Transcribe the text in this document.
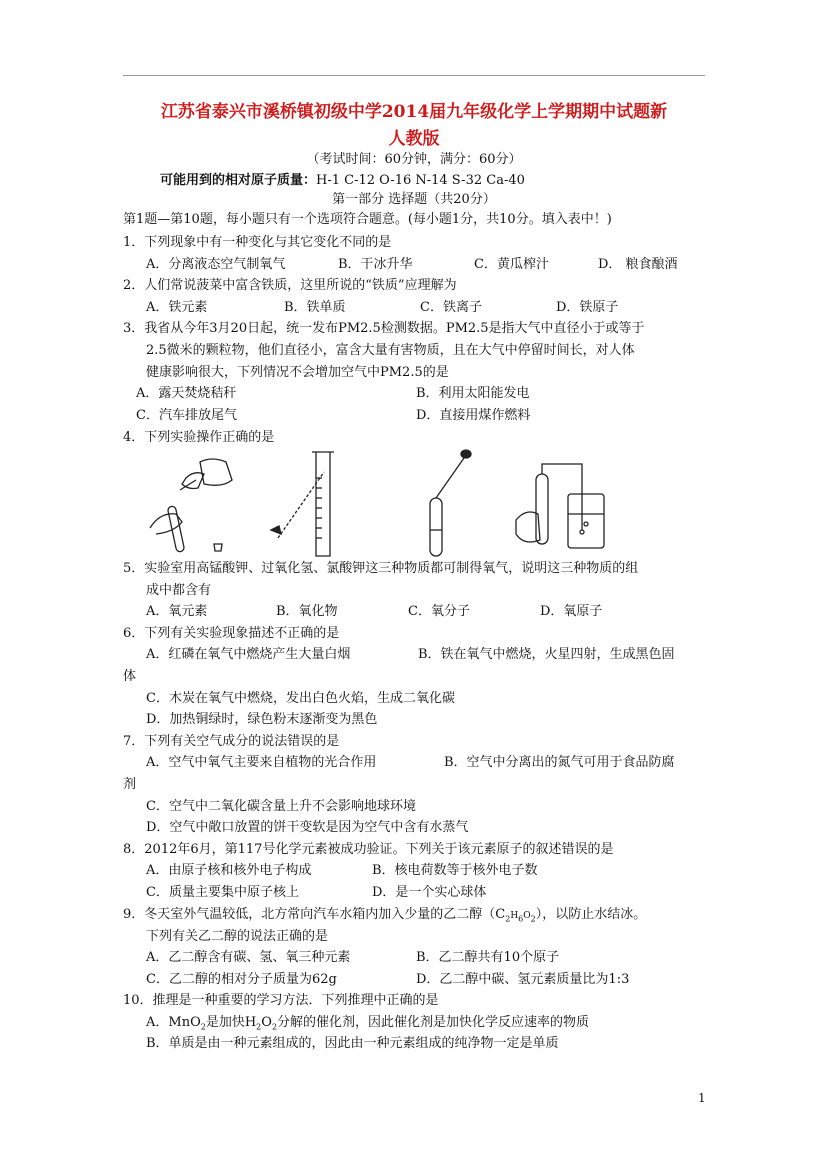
江苏省泰兴市溪桥镇初级中学2014届九年级化学上学期期中试题新
人教版
（考试时间：60分钟，满分：60分）
可能用到的相对原子质量：H-1 C-12 O-16 N-14 S-32 Ca-40
第一部分 选择题（共20分）
第1题—第10题，每小题只有一个选项符合题意。(每小题1分，共10分。填入表中！)
1．下列现象中有一种变化与其它变化不同的是
A．分离液态空气制氧气	B．干冰升华	C．黄瓜榨汁	D． 粮食酿酒
2．人们常说菠菜中富含铁质，这里所说的“铁质”应理解为
A．铁元素	B．铁单质	C．铁离子	D．铁原子
3．我省从今年3月20日起，统一发布PM2.5检测数据。PM2.5是指大气中直径小于或等于
2.5微米的颗粒物，他们直径小，富含大量有害物质，且在大气中停留时间长，对人体
健康影响很大，下列情况不会增加空气中PM2.5的是
A．露天焚烧秸秆	B．利用太阳能发电
C．汽车排放尾气	D．直接用煤作燃料
4．下列实验操作正确的是
5．实验室用高锰酸钾、过氧化氢、氯酸钾这三种物质都可制得氧气，说明这三种物质的组
成中都含有
A．氧元素	B．氧化物	C．氧分子	D．氧原子
6．下列有关实验现象描述不正确的是
A．红磷在氧气中燃烧产生大量白烟	B．铁在氧气中燃烧，火星四射，生成黑色固
体
C．木炭在氧气中燃烧，发出白色火焰，生成二氧化碳
D．加热铜绿时，绿色粉末逐渐变为黑色
7．下列有关空气成分的说法错误的是
A．空气中氧气主要来自植物的光合作用	B．空气中分离出的氮气可用于食品防腐
剂
C．空气中二氧化碳含量上升不会影响地球环境
D．空气中敞口放置的饼干变软是因为空气中含有水蒸气
8．2012年6月，第117号化学元素被成功验证。下列关于该元素原子的叙述错误的是
A．由原子核和核外电子构成	B．核电荷数等于核外电子数
C．质量主要集中原子核上	D．是一个实心球体
9．冬天室外气温较低，北方常向汽车水箱内加入少量的乙二醇$(C_2H_6O_2)$，以防止水结冰。
下列有关乙二醇的说法正确的是
A．乙二醇含有碳、氢、氧三种元素	B．乙二醇共有10个原子
C．乙二醇的相对分子质量为62g	D．乙二醇中碳、氢元素质量比为1:3
10．推理是一种重要的学习方法．下列推理中正确的是
A．MnO$_2$是加快$H_2O_2$分解的催化剂，因此催化剂是加快化学反应速率的物质
B．单质是由一种元素组成的，因此由一种元素组成的纯净物一定是单质
1
